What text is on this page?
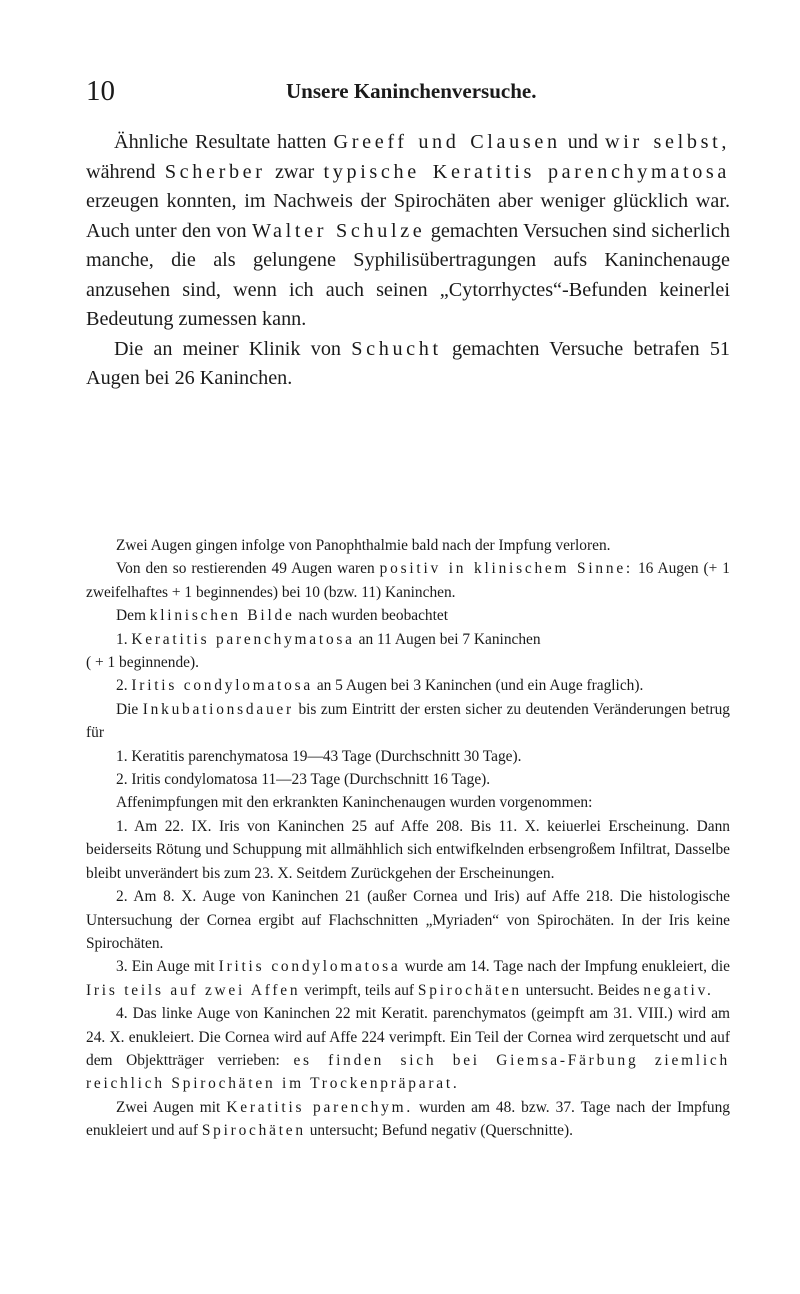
10	Unsere Kaninchenversuche.

Ähnliche Resultate hatten Greeff und Clausen und wir selbst, während Scherber zwar typische Keratitis parenchymatosa erzeugen konnten, im Nachweis der Spirochäten aber weniger glücklich war. Auch unter den von Walter Schulze gemachten Versuchen sind sicherlich manche, die als gelungene Syphilisübertragungen aufs Kaninchenauge anzusehen sind, wenn ich auch seinen „Cytorrhyctes“-Befunden keinerlei Bedeutung zumessen kann.

Die an meiner Klinik von Schucht gemachten Versuche betrafen 51 Augen bei 26 Kaninchen.

Zwei Augen gingen infolge von Panophthalmie bald nach der Impfung verloren.

Von den so restierenden 49 Augen waren positiv in klinischem Sinne: 16 Augen (+ 1 zweifelhaftes + 1 beginnendes) bei 10 (bzw. 11) Kaninchen.

Dem klinischen Bilde nach wurden beobachtet

1. Keratitis parenchymatosa an 11 Augen bei 7 Kaninchen

( + 1 beginnende).

2. Iritis condylomatosa an 5 Augen bei 3 Kaninchen (und ein Auge fraglich).

Die Inkubationsdauer bis zum Eintritt der ersten sicher zu deutenden Veränderungen betrug für

1. Keratitis parenchymatosa 19—43 Tage (Durchschnitt 30 Tage).

2. Iritis condylomatosa 11—23 Tage (Durchschnitt 16 Tage).

Affenimpfungen mit den erkrankten Kaninchenaugen wurden vorgenommen:

1. Am 22. IX. Iris von Kaninchen 25 auf Affe 208. Bis 11. X. keiuerlei Erscheinung. Dann beiderseits Rötung und Schuppung mit allmähhlich sich entwifkelnden erbsengroßem Infiltrat, Dasselbe bleibt unverändert bis zum 23. X. Seitdem Zurückgehen der Erscheinungen.

2. Am 8. X. Auge von Kaninchen 21 (außer Cornea und Iris) auf Affe 218. Die histologische Untersuchung der Cornea ergibt auf Flachschnitten „Myriaden“ von Spirochäten. In der Iris keine Spirochäten.

3. Ein Auge mit Iritis condylomatosa wurde am 14. Tage nach der Impfung enukleiert, die Iris teils auf zwei Affen verimpft, teils auf Spirochäten untersucht. Beides negativ.

4. Das linke Auge von Kaninchen 22 mit Keratit. parenchymatos (geimpft am 31. VIII.) wird am 24. X. enukleiert. Die Cornea wird auf Affe 224 verimpft. Ein Teil der Cornea wird zerquetscht und auf dem Objektträger verrieben: es finden sich bei Giemsa-Färbung ziemlich reichlich Spirochäten im Trockenpräparat.

Zwei Augen mit Keratitis parenchym. wurden am 48. bzw. 37. Tage nach der Impfung enukleiert und auf Spirochäten untersucht; Befund negativ (Querschnitte).
